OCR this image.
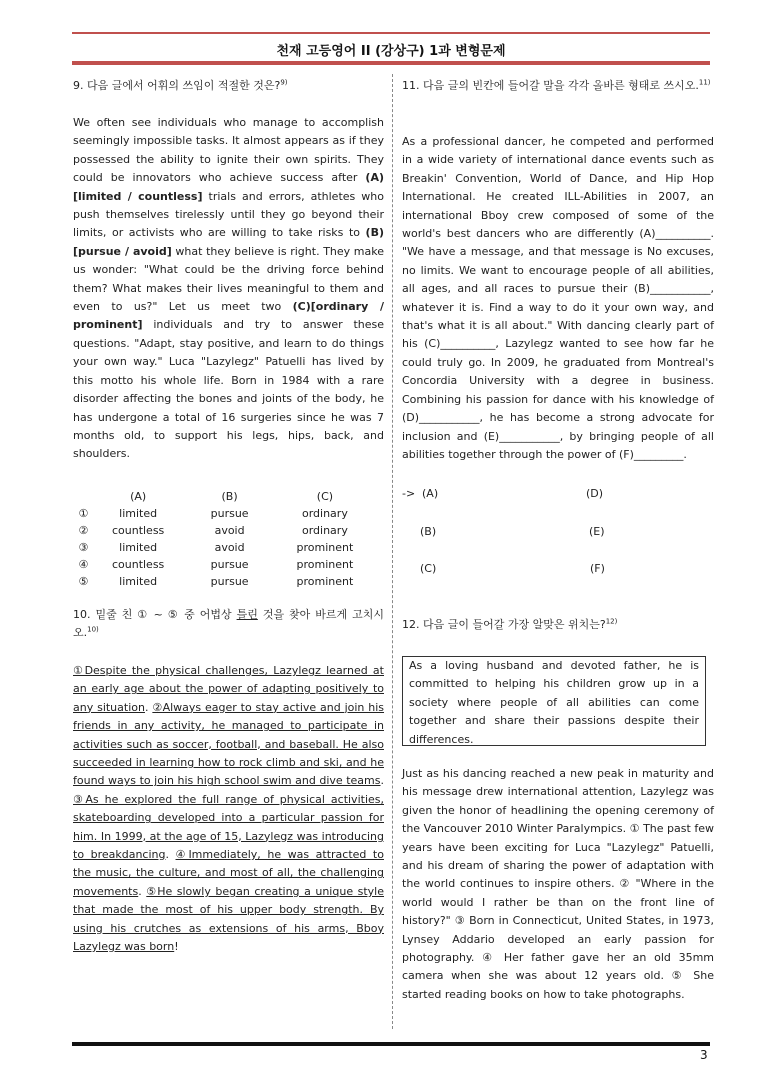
천재 고등영어 II (강상구) 1과 변형문제
9. 다음 글에서 어휘의 쓰임이 적절한 것은?$^{9)}$
We often see individuals who manage to accomplish seemingly impossible tasks. It almost appears as if they possessed the ability to ignite their own spirits. They could be innovators who achieve success after (A)[limited / countless] trials and errors, athletes who push themselves tirelessly until they go beyond their limits, or activists who are willing to take risks to (B)[pursue / avoid] what they believe is right. They make us wonder: "What could be the driving force behind them? What makes their lives meaningful to them and even to us?" Let us meet two (C)[ordinary / prominent] individuals and try to answer these questions. "Adapt, stay positive, and learn to do things your own way." Luca "Lazylegz" Patuelli has lived by this motto his whole life. Born in 1984 with a rare disorder affecting the bones and joints of the body, he has undergone a total of 16 surgeries since he was 7 months old, to support his legs, hips, back, and shoulders.
	(A)	(B)	(C)
①	limited	pursue	ordinary
②	countless	avoid	ordinary
③	limited	avoid	prominent
④	countless	pursue	prominent
⑤	limited	pursue	prominent
10. 밑줄 친 ① ~ ⑤ 중 어법상 틀린 것을 찾아 바르게 고치시오.$^{10)}$
①Despite the physical challenges, Lazylegz learned at an early age about the power of adapting positively to any situation. ②Always eager to stay active and join his friends in any activity, he managed to participate in activities such as soccer, football, and baseball. He also succeeded in learning how to rock climb and ski, and he found ways to join his high school swim and dive teams. ③As he explored the full range of physical activities, skateboarding developed into a particular passion for him. In 1999, at the age of 15, Lazylegz was introducing to breakdancing. ④Immediately, he was attracted to the music, the culture, and most of all, the challenging movements. ⑤He slowly began creating a unique style that made the most of his upper body strength. By using his crutches as extensions of his arms, Bboy Lazylegz was born!
11. 다음 글의 빈칸에 들어갈 말을 각각 올바른 형태로 쓰시오.$^{11)}$
As a professional dancer, he competed and performed in a wide variety of international dance events such as Breakin' Convention, World of Dance, and Hip Hop International. He created ILL-Abilities in 2007, an international Bboy crew composed of some of the world's best dancers who are differently (A)__________. "We have a message, and that message is No excuses, no limits. We want to encourage people of all abilities, all ages, and all races to pursue their (B)___________, whatever it is. Find a way to do it your own way, and that's what it is all about." With dancing clearly part of his (C)__________, Lazylegz wanted to see how far he could truly go. In 2009, he graduated from Montreal's Concordia University with a degree in business. Combining his passion for dance with his knowledge of (D)___________, he has become a strong advocate for inclusion and (E)___________, by bringing people of all abilities together through the power of (F)_________.
-> (A)	(D)
(B)	(E)
(C)	(F)
12. 다음 글이 들어갈 가장 알맞은 위치는?$^{12)}$
As a loving husband and devoted father, he is committed to helping his children grow up in a society where people of all abilities can come together and share their passions despite their differences.
Just as his dancing reached a new peak in maturity and his message drew international attention, Lazylegz was given the honor of headlining the opening ceremony of the Vancouver 2010 Winter Paralympics. ① The past few years have been exciting for Luca "Lazylegz" Patuelli, and his dream of sharing the power of adaptation with the world continues to inspire others. ② "Where in the world would I rather be than on the front line of history?" ③ Born in Connecticut, United States, in 1973, Lynsey Addario developed an early passion for photography. ④ Her father gave her an old 35mm camera when she was about 12 years old. ⑤ She started reading books on how to take photographs.
3
